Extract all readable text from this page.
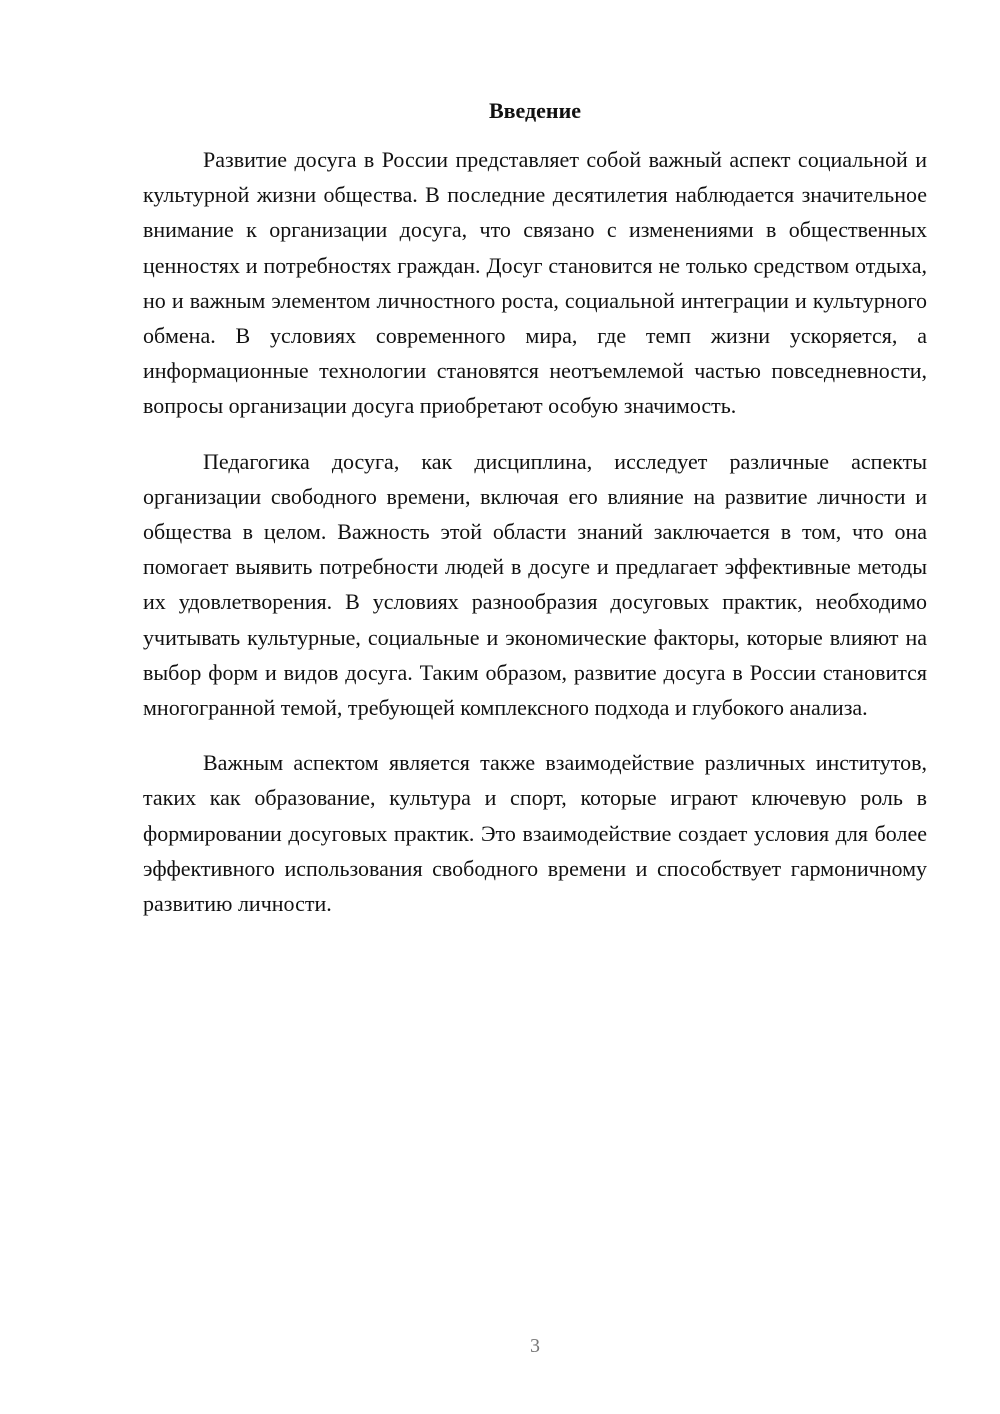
Введение

Развитие досуга в России представляет собой важный аспект социальной и культурной жизни общества. В последние десятилетия наблюдается значительное внимание к организации досуга, что связано с изменениями в общественных ценностях и потребностях граждан. Досуг становится не только средством отдыха, но и важным элементом личностного роста, социальной интеграции и культурного обмена. В условиях современного мира, где темп жизни ускоряется, а информационные технологии становятся неотъемлемой частью повседневности, вопросы организации досуга приобретают особую значимость.

Педагогика досуга, как дисциплина, исследует различные аспекты организации свободного времени, включая его влияние на развитие личности и общества в целом. Важность этой области знаний заключается в том, что она помогает выявить потребности людей в досуге и предлагает эффективные методы их удовлетворения. В условиях разнообразия досуговых практик, необходимо учитывать культурные, социальные и экономические факторы, которые влияют на выбор форм и видов досуга. Таким образом, развитие досуга в России становится многогранной темой, требующей комплексного подхода и глубокого анализа.

Важным аспектом является также взаимодействие различных институтов, таких как образование, культура и спорт, которые играют ключевую роль в формировании досуговых практик. Это взаимодействие создает условия для более эффективного использования свободного времени и способствует гармоничному развитию личности.

3
